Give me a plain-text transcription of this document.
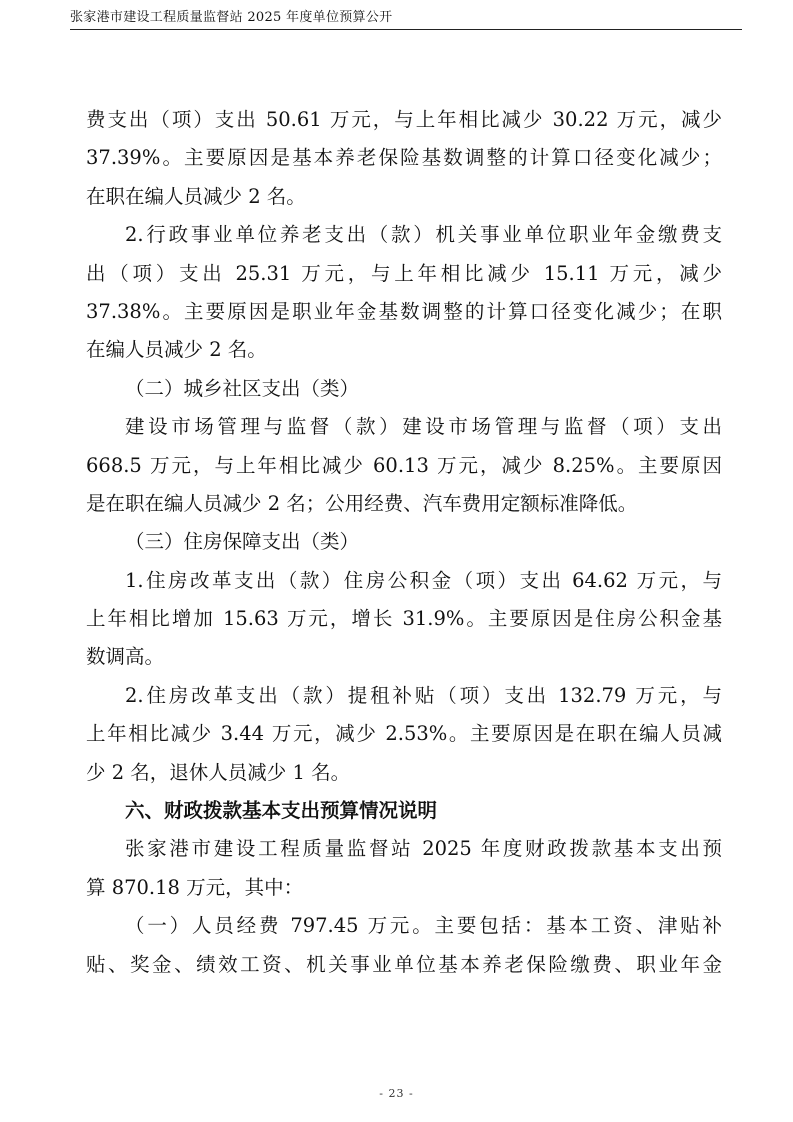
张家港市建设工程质量监督站 2025 年度单位预算公开
费支出（项）支出 50.61 万元，与上年相比减少 30.22 万元，减少
37.39%。主要原因是基本养老保险基数调整的计算口径变化减少；
在职在编人员减少 2 名。
2.行政事业单位养老支出（款）机关事业单位职业年金缴费支
出（项）支出 25.31 万元，与上年相比减少 15.11 万元，减少
37.38%。主要原因是职业年金基数调整的计算口径变化减少；在职
在编人员减少 2 名。
（二）城乡社区支出（类）
建设市场管理与监督（款）建设市场管理与监督（项）支出
668.5 万元，与上年相比减少 60.13 万元，减少 8.25%。主要原因
是在职在编人员减少 2 名；公用经费、汽车费用定额标准降低。
（三）住房保障支出（类）
1.住房改革支出（款）住房公积金（项）支出 64.62 万元，与
上年相比增加 15.63 万元，增长 31.9%。主要原因是住房公积金基
数调高。
2.住房改革支出（款）提租补贴（项）支出 132.79 万元，与
上年相比减少 3.44 万元，减少 2.53%。主要原因是在职在编人员减
少 2 名，退休人员减少 1 名。
六、财政拨款基本支出预算情况说明
张家港市建设工程质量监督站 2025 年度财政拨款基本支出预
算 870.18 万元，其中：
（一）人员经费 797.45 万元。主要包括：基本工资、津贴补
贴、奖金、绩效工资、机关事业单位基本养老保险缴费、职业年金
- 23 -
